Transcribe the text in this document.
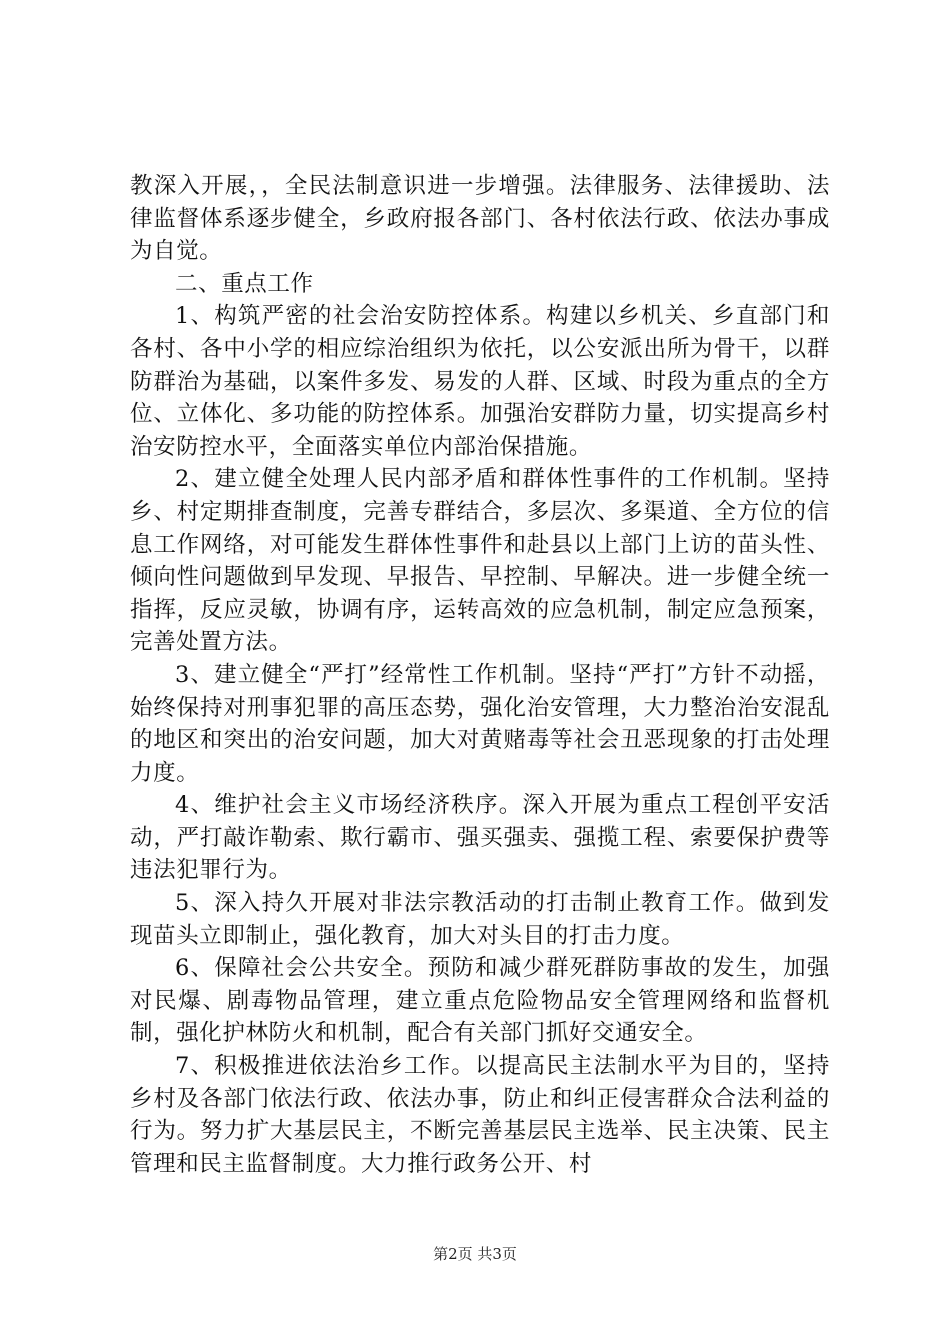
教深入开展，，全民法制意识进一步增强。法律服务、法律援助、法律监督体系逐步健全，乡政府报各部门、各村依法行政、依法办事成为自觉。

二、重点工作

1、构筑严密的社会治安防控体系。构建以乡机关、乡直部门和各村、各中小学的相应综治组织为依托，以公安派出所为骨干，以群防群治为基础，以案件多发、易发的人群、区域、时段为重点的全方位、立体化、多功能的防控体系。加强治安群防力量，切实提高乡村治安防控水平，全面落实单位内部治保措施。

2、建立健全处理人民内部矛盾和群体性事件的工作机制。坚持乡、村定期排查制度，完善专群结合，多层次、多渠道、全方位的信息工作网络，对可能发生群体性事件和赴县以上部门上访的苗头性、倾向性问题做到早发现、早报告、早控制、早解决。进一步健全统一指挥，反应灵敏，协调有序，运转高效的应急机制，制定应急预案，完善处置方法。

3、建立健全“严打”经常性工作机制。坚持“严打”方针不动摇，始终保持对刑事犯罪的高压态势，强化治安管理，大力整治治安混乱的地区和突出的治安问题，加大对黄赌毒等社会丑恶现象的打击处理力度。

4、维护社会主义市场经济秩序。深入开展为重点工程创平安活动，严打敲诈勒索、欺行霸市、强买强卖、强揽工程、索要保护费等违法犯罪行为。

5、深入持久开展对非法宗教活动的打击制止教育工作。做到发现苗头立即制止，强化教育，加大对头目的打击力度。

6、保障社会公共安全。预防和减少群死群防事故的发生，加强对民爆、剧毒物品管理，建立重点危险物品安全管理网络和监督机制，强化护林防火和机制，配合有关部门抓好交通安全。

7、积极推进依法治乡工作。以提高民主法制水平为目的，坚持乡村及各部门依法行政、依法办事，防止和纠正侵害群众合法利益的行为。努力扩大基层民主，不断完善基层民主选举、民主决策、民主管理和民主监督制度。大力推行政务公开、村

第2页 共3页
